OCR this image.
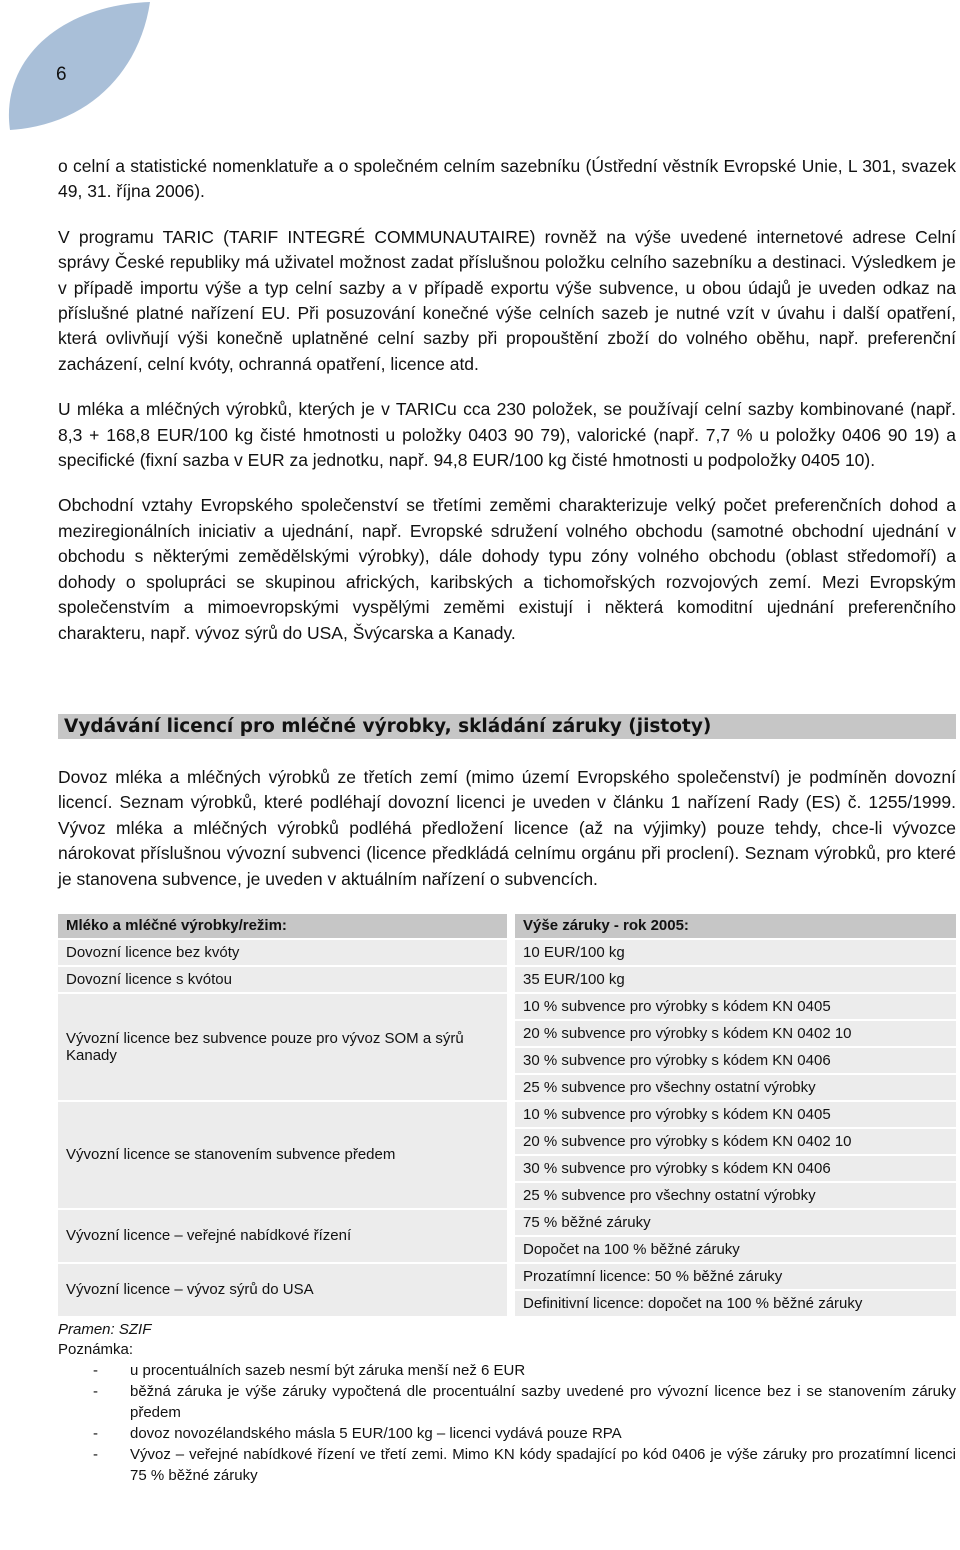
6

o celní a statistické nomenklatuře a o společném celním sazebníku (Ústřední věstník Evropské Unie, L 301, svazek 49, 31. října 2006).

V programu TARIC (TARIF INTEGRÉ COMMUNAUTAIRE) rovněž na výše uvedené internetové adrese Celní správy České republiky má uživatel možnost zadat příslušnou položku celního sazebníku a destinaci. Výsledkem je v případě importu výše a typ celní sazby a v případě exportu výše subvence, u obou údajů je uveden odkaz na příslušné platné nařízení EU. Při posuzování konečné výše celních sazeb je nutné vzít v úvahu i další opatření, která ovlivňují výši konečně uplatněné celní sazby při propouštění zboží do volného oběhu, např. preferenční zacházení, celní kvóty, ochranná opatření, licence atd.

U mléka a mléčných výrobků, kterých je v TARICu cca 230 položek, se používají celní sazby kombinované (např. 8,3 + 168,8 EUR/100 kg čisté hmotnosti u položky 0403 90 79), valorické (např. 7,7 % u položky 0406 90 19) a specifické (fixní sazba v EUR za jednotku, např. 94,8 EUR/100 kg čisté hmotnosti u podpoložky 0405 10).

Obchodní vztahy Evropského společenství se třetími zeměmi charakterizuje velký počet preferenčních dohod a meziregionálních iniciativ a ujednání, např. Evropské sdružení volného obchodu (samotné obchodní ujednání v obchodu s některými zemědělskými výrobky), dále dohody typu zóny volného obchodu (oblast středomoří) a dohody o spolupráci se skupinou afrických, karibských a tichomořských rozvojových zemí. Mezi Evropským společenstvím a mimoevropskými vyspělými zeměmi existují i některá komoditní ujednání preferenčního charakteru, např. vývoz sýrů do USA, Švýcarska a Kanady.

Vydávání licencí pro mléčné výrobky, skládání záruky (jistoty)

Dovoz mléka a mléčných výrobků ze třetích zemí (mimo území Evropského společenství) je podmíněn dovozní licencí. Seznam výrobků, které podléhají dovozní licenci je uveden v článku 1 nařízení Rady (ES) č. 1255/1999. Vývoz mléka a mléčných výrobků podléhá předložení licence (až na výjimky) pouze tehdy, chce-li vývozce nárokovat příslušnou vývozní subvenci (licence předkládá celnímu orgánu při proclení). Seznam výrobků, pro které je stanovena subvence, je uveden v aktuálním nařízení o subvencích.

Mléko a mléčné výrobky/režim:		Výše záruky - rok 2005:
Dovozní licence bez kvóty		10 EUR/100 kg
Dovozní licence s kvótou		35 EUR/100 kg
Vývozní licence bez subvence pouze pro vývoz SOM a sýrů Kanady		10 % subvence pro výrobky s kódem KN 0405
		20 % subvence pro výrobky s kódem KN 0402 10
		30 % subvence pro výrobky s kódem KN 0406
		25 % subvence pro všechny ostatní výrobky
Vývozní licence se stanovením subvence předem		10 % subvence pro výrobky s kódem KN 0405
		20 % subvence pro výrobky s kódem KN 0402 10
		30 % subvence pro výrobky s kódem KN 0406
		25 % subvence pro všechny ostatní výrobky
Vývozní licence – veřejné nabídkové řízení		75 % běžné záruky
		Dopočet na 100 % běžné záruky
Vývozní licence – vývoz sýrů do USA		Prozatímní licence: 50 % běžné záruky
		Definitivní licence: dopočet na 100 % běžné záruky
Pramen: SZIF
Poznámka:
- u procentuálních sazeb nesmí být záruka menší než 6 EUR
- běžná záruka je výše záruky vypočtená dle procentuální sazby uvedené pro vývozní licence bez i se stanovením záruky předem
- dovoz novozélandského másla 5 EUR/100 kg – licenci vydává pouze RPA
- Vývoz – veřejné nabídkové řízení ve třetí zemi. Mimo KN kódy spadající po kód 0406 je výše záruky pro prozatímní licenci 75 % běžné záruky
